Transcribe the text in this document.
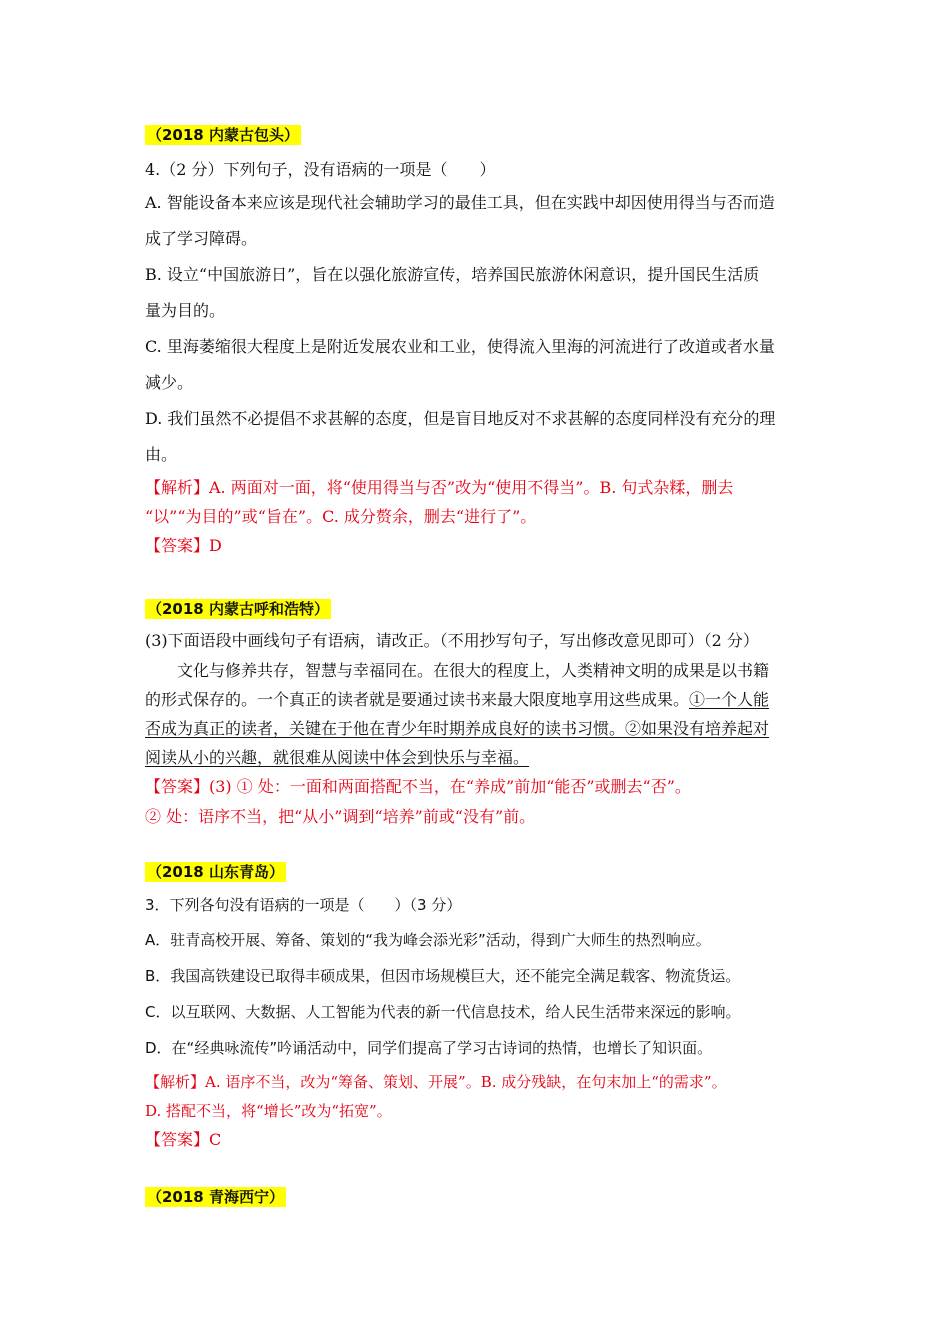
（2018 内蒙古包头）
4.（2 分）下列句子，没有语病的一项是（　　）
A. 智能设备本来应该是现代社会辅助学习的最佳工具，但在实践中却因使用得当与否而造
成了学习障碍。
B. 设立“中国旅游日”，旨在以强化旅游宣传，培养国民旅游休闲意识，提升国民生活质
量为目的。
C. 里海萎缩很大程度上是附近发展农业和工业，使得流入里海的河流进行了改道或者水量
减少。
D. 我们虽然不必提倡不求甚解的态度，但是盲目地反对不求甚解的态度同样没有充分的理
由。
【解析】A. 两面对一面，将“使用得当与否”改为“使用不得当”。B. 句式杂糅，删去
“以”“为目的”或“旨在”。C. 成分赘余，删去“进行了”。
【答案】D
（2018 内蒙古呼和浩特）
(3)下面语段中画线句子有语病，请改正。（不用抄写句子，写出修改意见即可）（2 分）
文化与修养共存，智慧与幸福同在。在很大的程度上，人类精神文明的成果是以书籍
的形式保存的。一个真正的读者就是要通过读书来最大限度地享用这些成果。①一个人能
否成为真正的读者，关键在于他在青少年时期养成良好的读书习惯。②如果没有培养起对
阅读从小的兴趣，就很难从阅读中体会到快乐与幸福。
【答案】(3) ① 处：一面和两面搭配不当，在“养成”前加“能否”或删去“否”。
② 处：语序不当，把“从小”调到“培养”前或“没有”前。
（2018 山东青岛）
3．下列各句没有语病的一项是（　　）（3 分）
A．驻青高校开展、筹备、策划的“我为峰会添光彩”活动，得到广大师生的热烈响应。
B．我国高铁建设已取得丰硕成果，但因市场规模巨大，还不能完全满足载客、物流货运。
C．以互联网、大数据、人工智能为代表的新一代信息技术，给人民生活带来深远的影响。
D．在“经典咏流传”吟诵活动中，同学们提高了学习古诗词的热情，也增长了知识面。
【解析】A. 语序不当，改为“筹备、策划、开展”。B. 成分残缺，在句末加上“的需求”。
D. 搭配不当，将“增长”改为“拓宽”。
【答案】C
（2018 青海西宁）
